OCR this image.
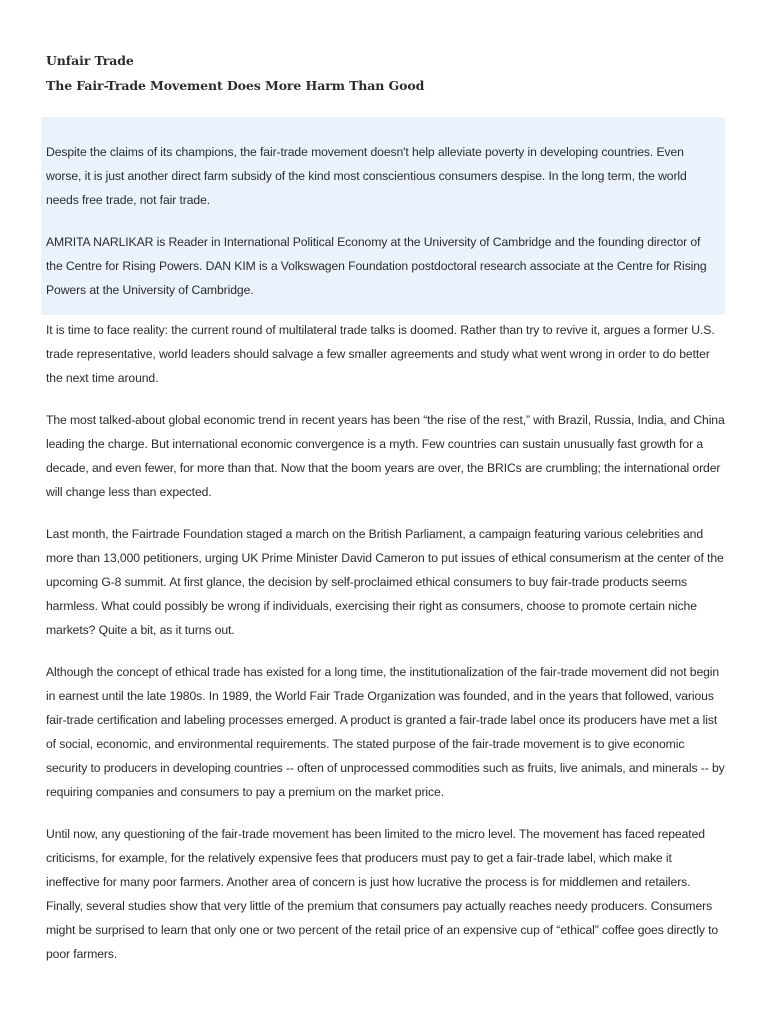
Unfair Trade
The Fair-Trade Movement Does More Harm Than Good

Despite the claims of its champions, the fair-trade movement doesn't help alleviate poverty in developing countries. Even worse, it is just another direct farm subsidy of the kind most conscientious consumers despise. In the long term, the world needs free trade, not fair trade.

AMRITA NARLIKAR is Reader in International Political Economy at the University of Cambridge and the founding director of the Centre for Rising Powers. DAN KIM is a Volkswagen Foundation postdoctoral research associate at the Centre for Rising Powers at the University of Cambridge.

It is time to face reality: the current round of multilateral trade talks is doomed. Rather than try to revive it, argues a former U.S. trade representative, world leaders should salvage a few smaller agreements and study what went wrong in order to do better the next time around.

The most talked-about global economic trend in recent years has been “the rise of the rest,” with Brazil, Russia, India, and China leading the charge. But international economic convergence is a myth. Few countries can sustain unusually fast growth for a decade, and even fewer, for more than that. Now that the boom years are over, the BRICs are crumbling; the international order will change less than expected.

Last month, the Fairtrade Foundation staged a march on the British Parliament, a campaign featuring various celebrities and more than 13,000 petitioners, urging UK Prime Minister David Cameron to put issues of ethical consumerism at the center of the upcoming G-8 summit. At first glance, the decision by self-proclaimed ethical consumers to buy fair-trade products seems harmless. What could possibly be wrong if individuals, exercising their right as consumers, choose to promote certain niche markets? Quite a bit, as it turns out.

Although the concept of ethical trade has existed for a long time, the institutionalization of the fair-trade movement did not begin in earnest until the late 1980s. In 1989, the World Fair Trade Organization was founded, and in the years that followed, various fair-trade certification and labeling processes emerged. A product is granted a fair-trade label once its producers have met a list of social, economic, and environmental requirements. The stated purpose of the fair-trade movement is to give economic security to producers in developing countries -- often of unprocessed commodities such as fruits, live animals, and minerals -- by requiring companies and consumers to pay a premium on the market price.

Until now, any questioning of the fair-trade movement has been limited to the micro level. The movement has faced repeated criticisms, for example, for the relatively expensive fees that producers must pay to get a fair-trade label, which make it ineffective for many poor farmers. Another area of concern is just how lucrative the process is for middlemen and retailers. Finally, several studies show that very little of the premium that consumers pay actually reaches needy producers. Consumers might be surprised to learn that only one or two percent of the retail price of an expensive cup of “ethical” coffee goes directly to poor farmers.
